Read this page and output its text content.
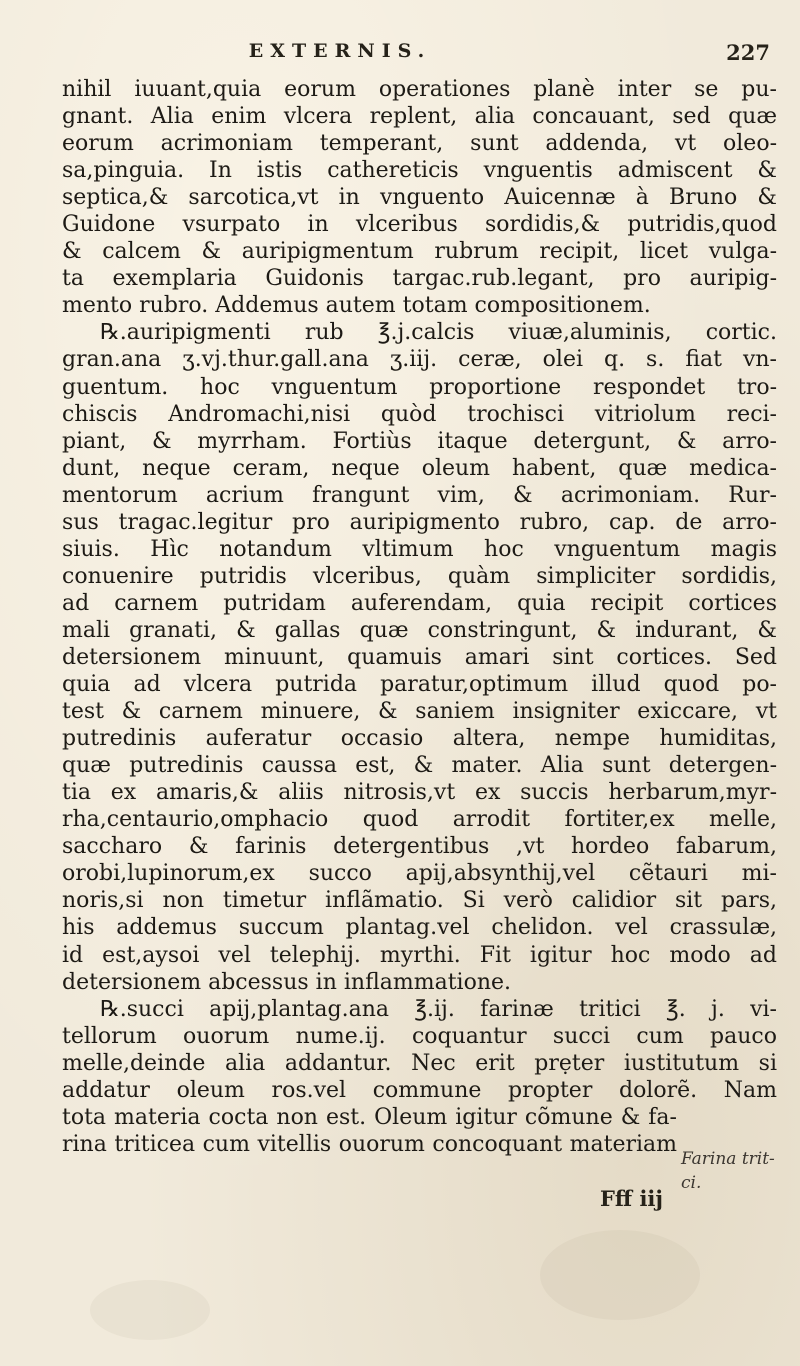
EXTERNIS.	227
nihil iuuant,quia eorum operationes planè inter se pu-
gnant. Alia enim vlcera replent, alia concauant, sed quæ
eorum acrimoniam temperant, sunt addenda, vt oleo-
sa,pinguia. In istis cathereticis vnguentis admiscent &
septica,& sarcotica,vt in vnguento Auicennæ à Bruno &
Guidone vsurpato in vlceribus sordidis,& putridis,quod
& calcem & auripigmentum rubrum recipit, licet vulga-
ta exemplaria Guidonis targac.rub.legant, pro auripig-
mento rubro. Addemus autem totam compositionem.
℞.auripigmenti rub ℥.j.calcis viuæ,aluminis, cortic.
gran.ana ʒ.vj.thur.gall.ana ʒ.iij. ceræ, olei q. s. fiat vn-
guentum. hoc vnguentum proportione respondet tro-
chiscis Andromachi,nisi quòd trochisci vitriolum reci-
piant, & myrrham. Fortiùs itaque detergunt, & arro-
dunt, neque ceram, neque oleum habent, quæ medica-
mentorum acrium frangunt vim, & acrimoniam. Rur-
sus tragac.legitur pro auripigmento rubro, cap. de arro-
siuis. Hìc notandum vltimum hoc vnguentum magis
conuenire putridis vlceribus, quàm simpliciter sordidis,
ad carnem putridam auferendam, quia recipit cortices
mali granati, & gallas quæ constringunt, & indurant, &
detersionem minuunt, quamuis amari sint cortices. Sed
quia ad vlcera putrida paratur,optimum illud quod po-
test & carnem minuere, & saniem insigniter exiccare, vt
putredinis auferatur occasio altera, nempe humiditas,
quæ putredinis caussa est, & mater. Alia sunt detergen-
tia ex amaris,& aliis nitrosis,vt ex succis herbarum,myr-
rha,centaurio,omphacio quod arrodit fortiter,ex melle,
saccharo & farinis detergentibus ,vt hordeo fabarum,
orobi,lupinorum,ex succo apij,absynthij,vel cẽtauri mi-
noris,si non timetur inflãmatio. Si verò calidior sit pars,
his addemus succum plantag.vel chelidon. vel crassulæ,
id est,aysoi vel telephij. myrthi. Fit igitur hoc modo ad
detersionem abcessus in inflammatione.
℞.succi apij,plantag.ana ℥.ij. farinæ tritici ℥. j. vi-
tellorum ouorum nume.ij. coquantur succi cum pauco
melle,deinde alia addantur. Nec erit prẹter iustitutum si
addatur oleum ros.vel commune propter dolorẽ. Nam
tota materia cocta non est. Oleum igitur cõmune & fa-
rina triticea cum vitellis ouorum concoquant materiam
Farina trit-
ci.
Fff iij
